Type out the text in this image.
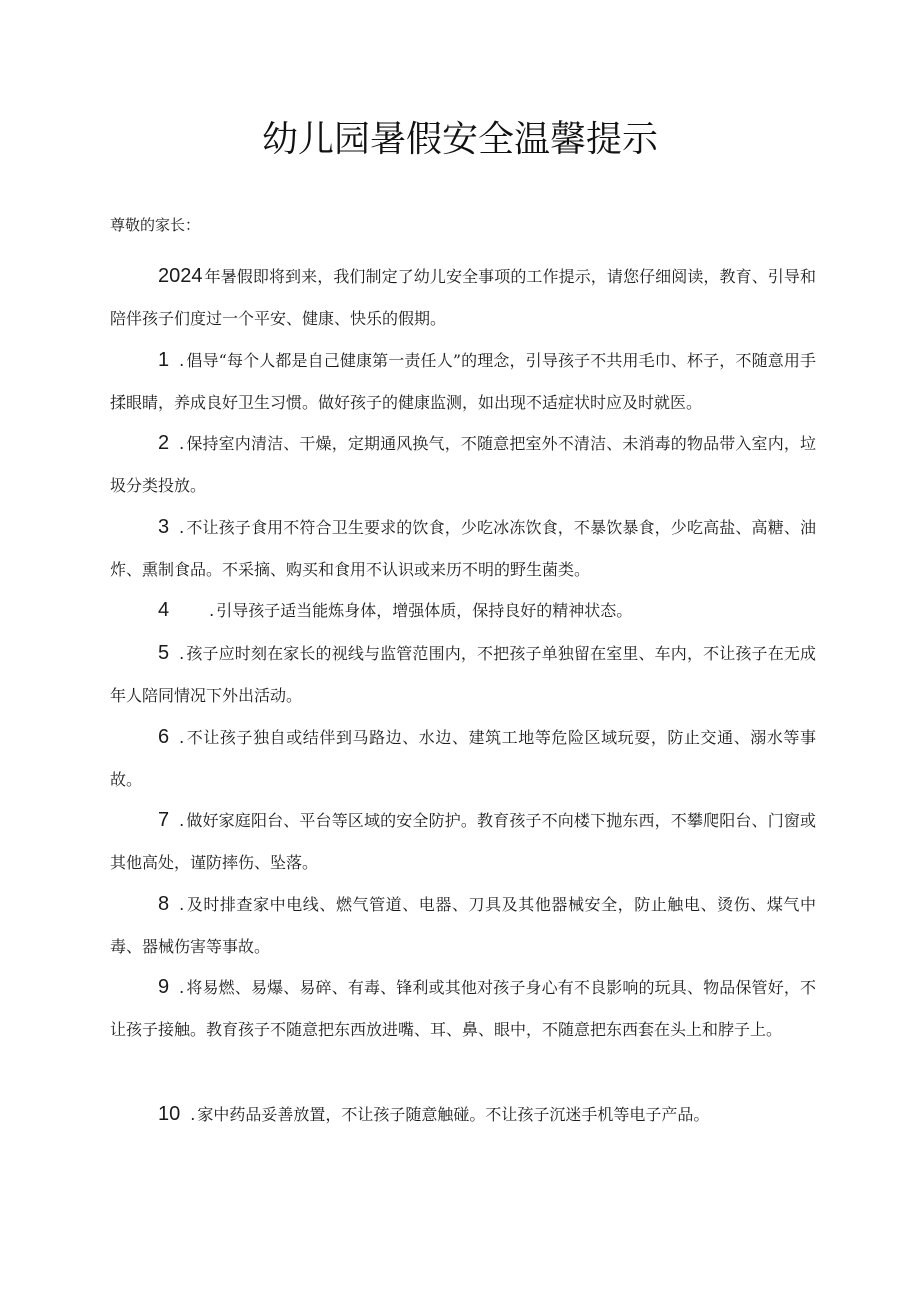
幼儿园暑假安全温馨提示
尊敬的家长：
2024 年暑假即将到来，我们制定了幼儿安全事项的工作提示，请您仔细阅读，教育、引导和陪伴孩子们度过一个平安、健康、快乐的假期。
1 . 倡导“每个人都是自己健康第一责任人”的理念，引导孩子不共用毛巾、杯子，不随意用手揉眼睛，养成良好卫生习惯。做好孩子的健康监测，如出现不适症状时应及时就医。
2 . 保持室内清洁、干燥，定期通风换气，不随意把室外不清洁、未消毒的物品带入室内，垃圾分类投放。
3 . 不让孩子食用不符合卫生要求的饮食，少吃冰冻饮食，不暴饮暴食，少吃高盐、高糖、油炸、熏制食品。不采摘、购买和食用不认识或来历不明的野生菌类。
4	. 引导孩子适当能炼身体，增强体质，保持良好的精神状态。
5 . 孩子应时刻在家长的视线与监管范围内，不把孩子单独留在室里、车内，不让孩子在无成年人陪同情况下外出活动。
6 . 不让孩子独自或结伴到马路边、水边、建筑工地等危险区域玩耍，防止交通、溺水等事故。
7 . 做好家庭阳台、平台等区域的安全防护。教育孩子不向楼下抛东西，不攀爬阳台、门窗或其他高处，谨防摔伤、坠落。
8 . 及时排查家中电线、燃气管道、电器、刀具及其他器械安全，防止触电、烫伤、煤气中毒、器械伤害等事故。
9 . 将易燃、易爆、易碎、有毒、锋利或其他对孩子身心有不良影响的玩具、物品保管好，不让孩子接触。教育孩子不随意把东西放进嘴、耳、鼻、眼中，不随意把东西套在头上和脖子上。
10 . 家中药品妥善放置，不让孩子随意触碰。不让孩子沉迷手机等电子产品。
